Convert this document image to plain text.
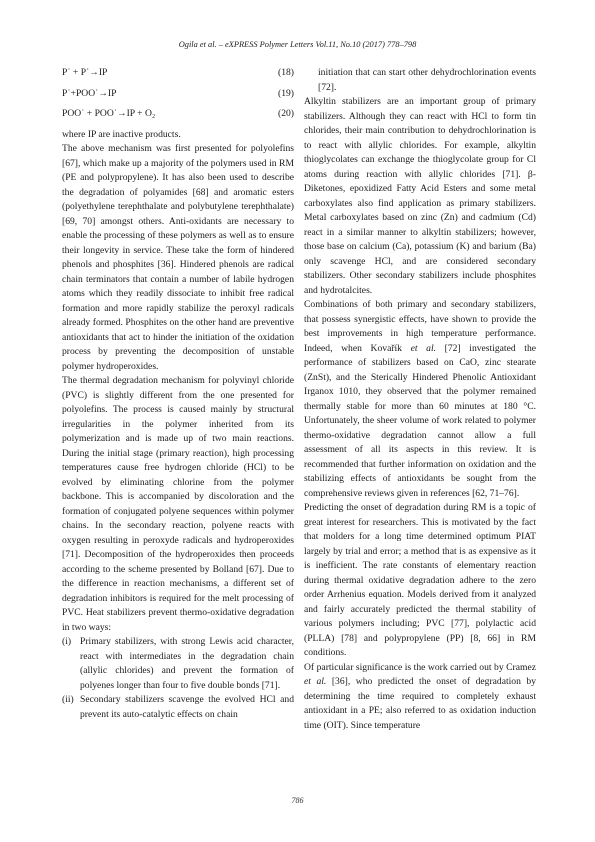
Ogila et al. – eXPRESS Polymer Letters Vol.11, No.10 (2017) 778–798
P˙ + P˙→IP	(18)
P˙+POO˙→IP	(19)
POO˙ + POO˙→IP + O₂	(20)

where IP are inactive products.

The above mechanism was first presented for polyolefins [67], which make up a majority of the polymers used in RM (PE and polypropylene). It has also been used to describe the degradation of polyamides [68] and aromatic esters (polyethylene terephthalate and polybutylene terephthalate) [69, 70] amongst others. Anti-oxidants are necessary to enable the processing of these polymers as well as to ensure their longevity in service. These take the form of hindered phenols and phosphites [36]. Hindered phenols are radical chain terminators that contain a number of labile hydrogen atoms which they readily dissociate to inhibit free radical formation and more rapidly stabilize the peroxyl radicals already formed. Phosphites on the other hand are preventive antioxidants that act to hinder the initiation of the oxidation process by preventing the decomposition of unstable polymer hydroperoxides.

The thermal degradation mechanism for polyvinyl chloride (PVC) is slightly different from the one presented for polyolefins. The process is caused mainly by structural irregularities in the polymer inherited from its polymerization and is made up of two main reactions. During the initial stage (primary reaction), high processing temperatures cause free hydrogen chloride (HCl) to be evolved by eliminating chlorine from the polymer backbone. This is accompanied by discoloration and the formation of conjugated polyene sequences within polymer chains. In the secondary reaction, polyene reacts with oxygen resulting in peroxyde radicals and hydroperoxides [71]. Decomposition of the hydroperoxides then proceeds according to the scheme presented by Bolland [67]. Due to the difference in reaction mechanisms, a different set of degradation inhibitors is required for the melt processing of PVC. Heat stabilizers prevent thermo-oxidative degradation in two ways:

(i) Primary stabilizers, with strong Lewis acid character, react with intermediates in the degradation chain (allylic chlorides) and prevent the formation of polyenes longer than four to five double bonds [71].
(ii) Secondary stabilizers scavenge the evolved HCl and prevent its auto-catalytic effects on chain

initiation that can start other dehydrochlorination events [72].

Alkyltin stabilizers are an important group of primary stabilizers. Although they can react with HCl to form tin chlorides, their main contribution to dehydrochlorination is to react with allylic chlorides. For example, alkyltin thioglycolates can exchange the thioglycolate group for Cl atoms during reaction with allylic chlorides [71]. β-Diketones, epoxidized Fatty Acid Esters and some metal carboxylates also find application as primary stabilizers. Metal carboxylates based on zinc (Zn) and cadmium (Cd) react in a similar manner to alkyltin stabilizers; however, those base on calcium (Ca), potassium (K) and barium (Ba) only scavenge HCl, and are considered secondary stabilizers. Other secondary stabilizers include phosphites and hydrotalcites.

Combinations of both primary and secondary stabilizers, that possess synergistic effects, have shown to provide the best improvements in high temperature performance. Indeed, when Kovařík et al. [72] investigated the performance of stabilizers based on CaO, zinc stearate (ZnSt), and the Sterically Hindered Phenolic Antioxidant Irganox 1010, they observed that the polymer remained thermally stable for more than 60 minutes at 180 °C. Unfortunately, the sheer volume of work related to polymer thermo-oxidative degradation cannot allow a full assessment of all its aspects in this review. It is recommended that further information on oxidation and the stabilizing effects of antioxidants be sought from the comprehensive reviews given in references [62, 71–76].

Predicting the onset of degradation during RM is a topic of great interest for researchers. This is motivated by the fact that molders for a long time determined optimum PIAT largely by trial and error; a method that is as expensive as it is inefficient. The rate constants of elementary reaction during thermal oxidative degradation adhere to the zero order Arrhenius equation. Models derived from it analyzed and fairly accurately predicted the thermal stability of various polymers including; PVC [77], polylactic acid (PLLA) [78] and polypropylene (PP) [8, 66] in RM conditions.

Of particular significance is the work carried out by Cramez et al. [36], who predicted the onset of degradation by determining the time required to completely exhaust antioxidant in a PE; also referred to as oxidation induction time (OIT). Since temperature

786
